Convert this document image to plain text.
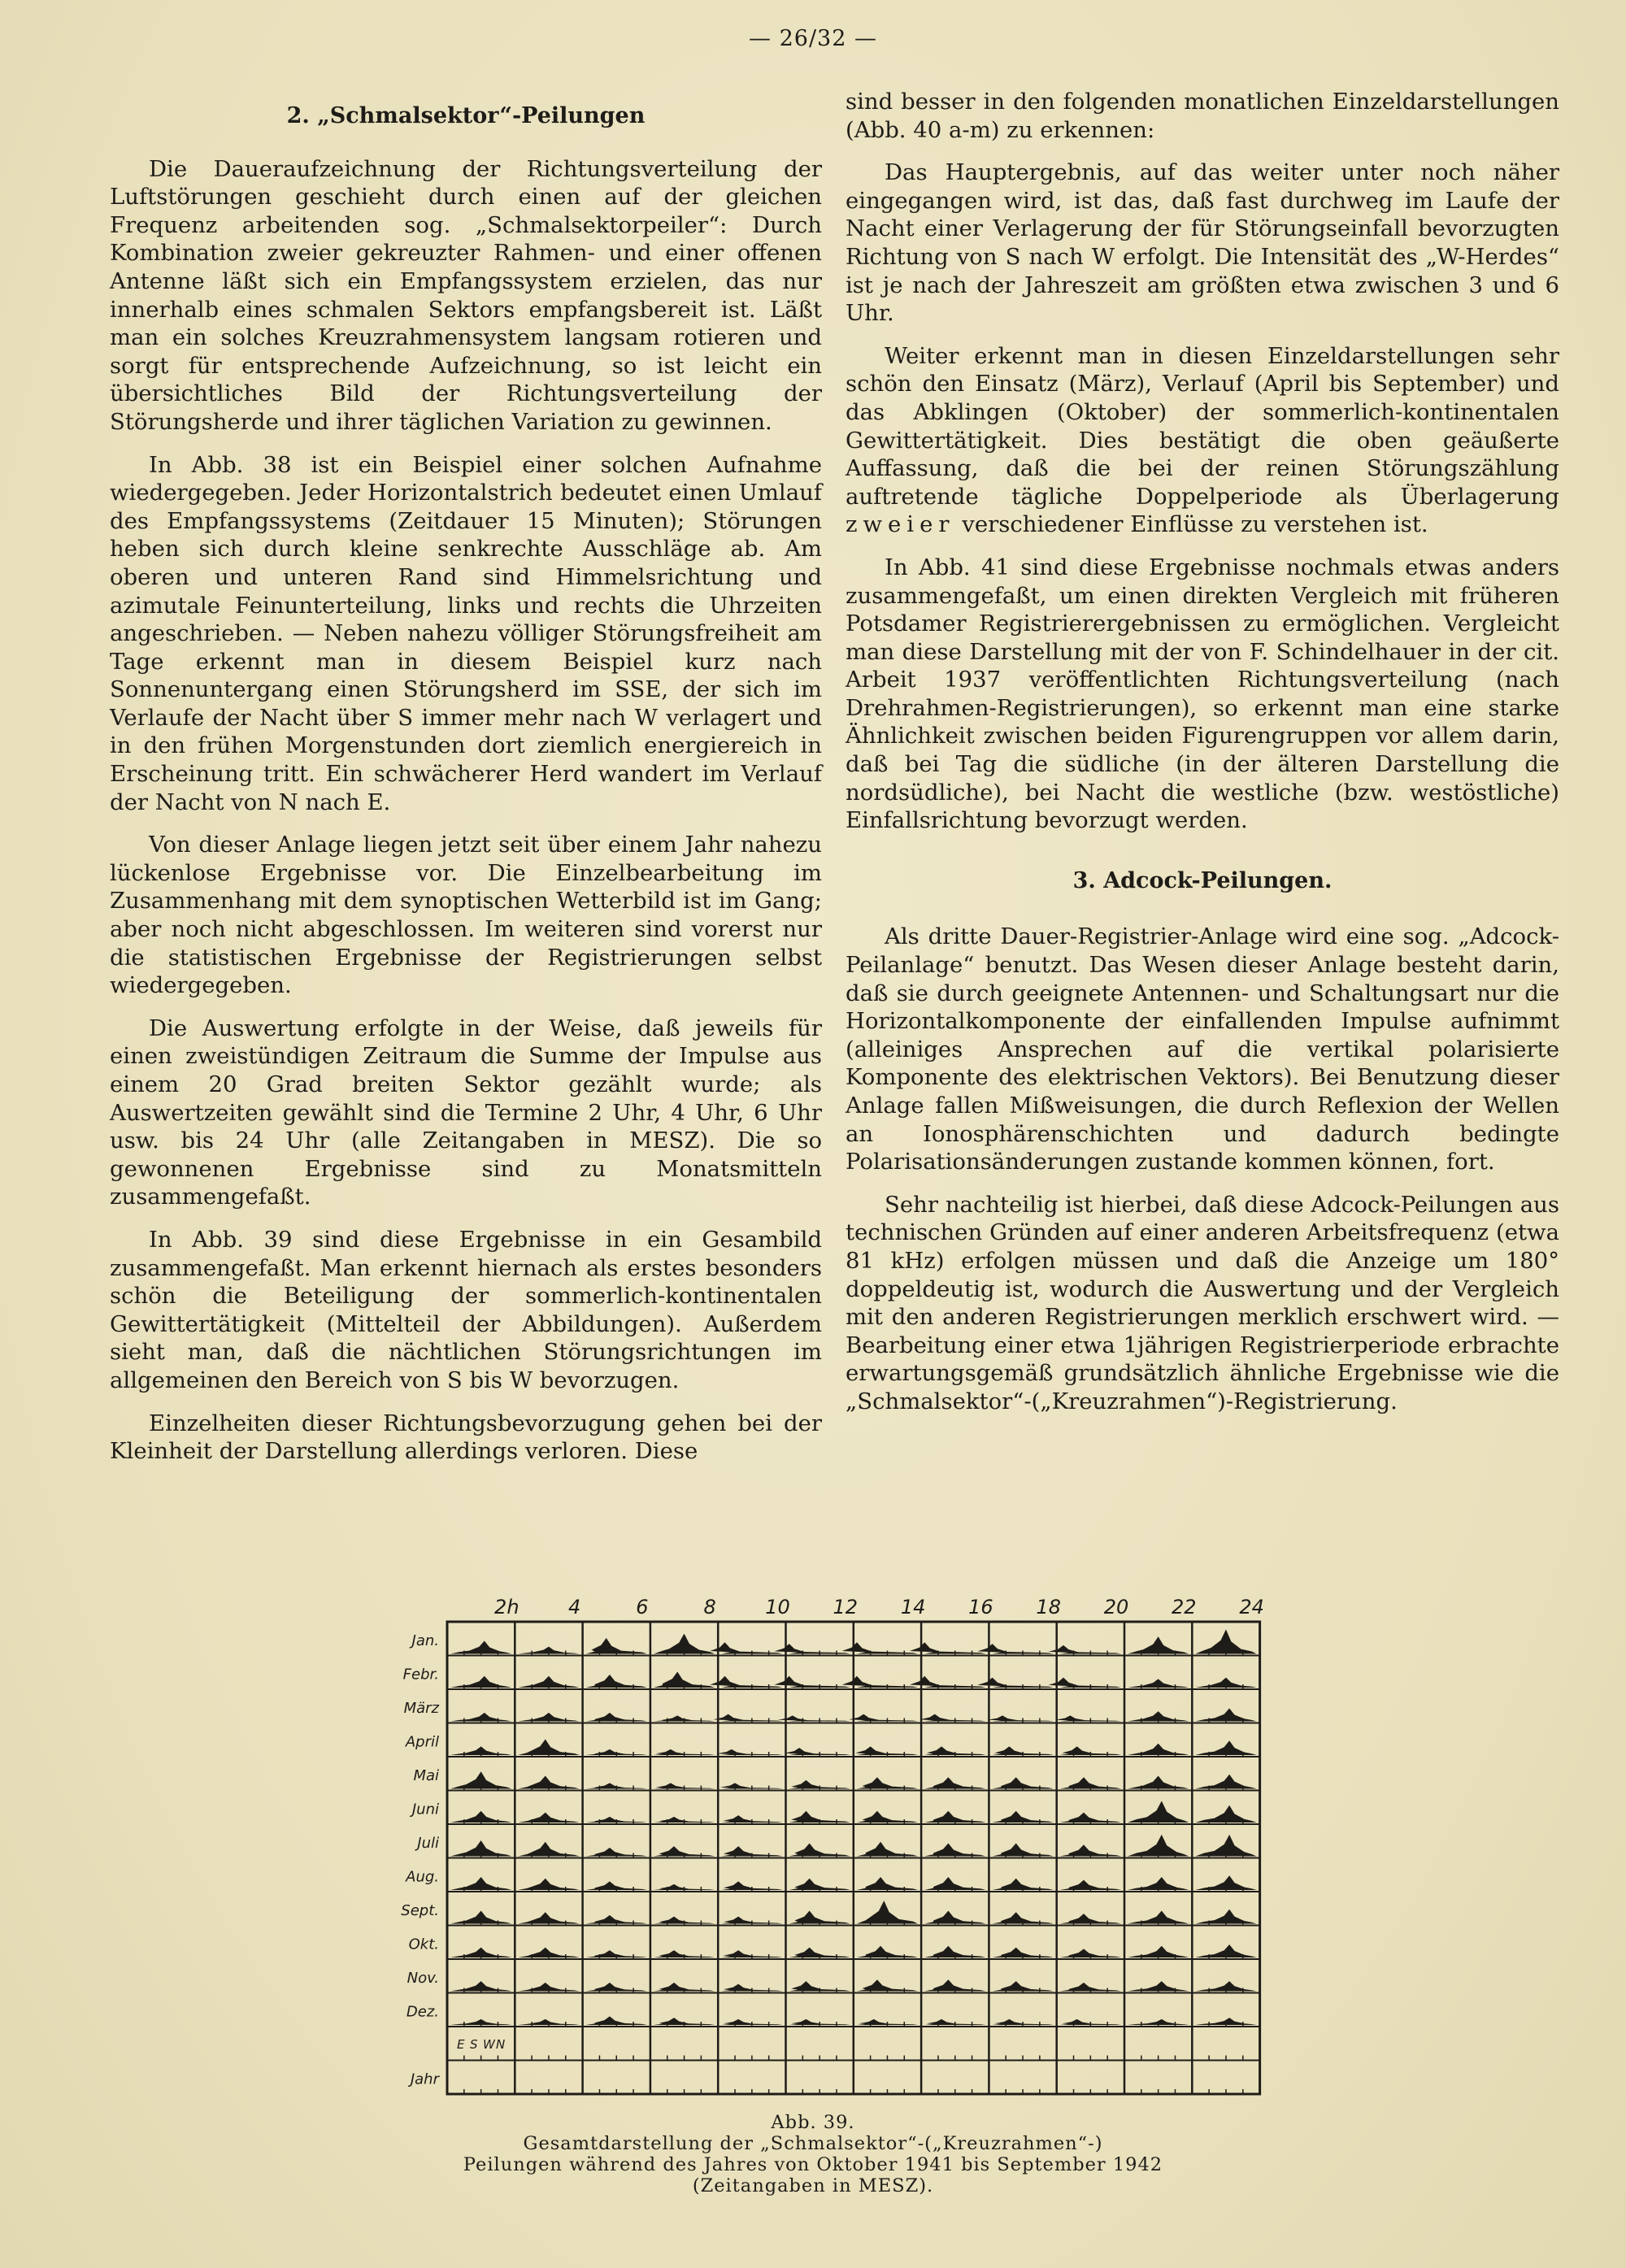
— 26/32 —
2. „Schmalsektor“-Peilungen

Die Daueraufzeichnung der Richtungsverteilung der Luftstörungen geschieht durch einen auf der gleichen Frequenz arbeitenden sog. „Schmalsektorpeiler“: Durch Kombination zweier gekreuzter Rahmen- und einer offenen Antenne läßt sich ein Empfangssystem erzielen, das nur innerhalb eines schmalen Sektors empfangsbereit ist. Läßt man ein solches Kreuzrahmensystem langsam rotieren und sorgt für entsprechende Aufzeichnung, so ist leicht ein übersichtliches Bild der Richtungsverteilung der Störungsherde und ihrer täglichen Variation zu gewinnen.

In Abb. 38 ist ein Beispiel einer solchen Aufnahme wiedergegeben. Jeder Horizontalstrich bedeutet einen Umlauf des Empfangssystems (Zeitdauer 15 Minuten); Störungen heben sich durch kleine senkrechte Ausschläge ab. Am oberen und unteren Rand sind Himmelsrichtung und azimutale Feinunterteilung, links und rechts die Uhrzeiten angeschrieben. — Neben nahezu völliger Störungsfreiheit am Tage erkennt man in diesem Beispiel kurz nach Sonnenuntergang einen Störungsherd im SSE, der sich im Verlaufe der Nacht über S immer mehr nach W verlagert und in den frühen Morgenstunden dort ziemlich energiereich in Erscheinung tritt. Ein schwächerer Herd wandert im Verlauf der Nacht von N nach E.

Von dieser Anlage liegen jetzt seit über einem Jahr nahezu lückenlose Ergebnisse vor. Die Einzelbearbeitung im Zusammenhang mit dem synoptischen Wetterbild ist im Gang; aber noch nicht abgeschlossen. Im weiteren sind vorerst nur die statistischen Ergebnisse der Registrierungen selbst wiedergegeben.

Die Auswertung erfolgte in der Weise, daß jeweils für einen zweistündigen Zeitraum die Summe der Impulse aus einem 20 Grad breiten Sektor gezählt wurde; als Auswertzeiten gewählt sind die Termine 2 Uhr, 4 Uhr, 6 Uhr usw. bis 24 Uhr (alle Zeitangaben in MESZ). Die so gewonnenen Ergebnisse sind zu Monatsmitteln zusammengefaßt.

In Abb. 39 sind diese Ergebnisse in ein Gesambild zusammengefaßt. Man erkennt hiernach als erstes besonders schön die Beteiligung der sommerlich-kontinentalen Gewittertätigkeit (Mittelteil der Abbildungen). Außerdem sieht man, daß die nächtlichen Störungsrichtungen im allgemeinen den Bereich von S bis W bevorzugen.

Einzelheiten dieser Richtungsbevorzugung gehen bei der Kleinheit der Darstellung allerdings verloren. Diese

sind besser in den folgenden monatlichen Einzeldarstellungen (Abb. 40 a-m) zu erkennen:

Das Hauptergebnis, auf das weiter unter noch näher eingegangen wird, ist das, daß fast durchweg im Laufe der Nacht einer Verlagerung der für Störungseinfall bevorzugten Richtung von S nach W erfolgt. Die Intensität des „W-Herdes“ ist je nach der Jahreszeit am größten etwa zwischen 3 und 6 Uhr.

Weiter erkennt man in diesen Einzeldarstellungen sehr schön den Einsatz (März), Verlauf (April bis September) und das Abklingen (Oktober) der sommerlich-kontinentalen Gewittertätigkeit. Dies bestätigt die oben geäußerte Auffassung, daß die bei der reinen Störungszählung auftretende tägliche Doppelperiode als Überlagerung zweier verschiedener Einflüsse zu verstehen ist.

In Abb. 41 sind diese Ergebnisse nochmals etwas anders zusammengefaßt, um einen direkten Vergleich mit früheren Potsdamer Registrierergebnissen zu ermöglichen. Vergleicht man diese Darstellung mit der von F. Schindelhauer in der cit. Arbeit 1937 veröffentlichten Richtungsverteilung (nach Drehrahmen-Registrierungen), so erkennt man eine starke Ähnlichkeit zwischen beiden Figurengruppen vor allem darin, daß bei Tag die südliche (in der älteren Darstellung die nordsüdliche), bei Nacht die westliche (bzw. westöstliche) Einfallsrichtung bevorzugt werden.

3. Adcock-Peilungen.

Als dritte Dauer-Registrier-Anlage wird eine sog. „Adcock-Peilanlage“ benutzt. Das Wesen dieser Anlage besteht darin, daß sie durch geeignete Antennen- und Schaltungsart nur die Horizontalkomponente der einfallenden Impulse aufnimmt (alleiniges Ansprechen auf die vertikal polarisierte Komponente des elektrischen Vektors). Bei Benutzung dieser Anlage fallen Mißweisungen, die durch Reflexion der Wellen an Ionosphärenschichten und dadurch bedingte Polarisationsänderungen zustande kommen können, fort.

Sehr nachteilig ist hierbei, daß diese Adcock-Peilungen aus technischen Gründen auf einer anderen Arbeitsfrequenz (etwa 81 kHz) erfolgen müssen und daß die Anzeige um 180° doppeldeutig ist, wodurch die Auswertung und der Vergleich mit den anderen Registrierungen merklich erschwert wird. — Bearbeitung einer etwa 1jährigen Registrierperiode erbrachte erwartungsgemäß grundsätzlich ähnliche Ergebnisse wie die „Schmalsektor“-(„Kreuzrahmen“)-Registrierung.

2h	4	6	8	10 12 14 16 18 20 22 24
Jan.
Febr.
März
April
Mai
Juni
Juli
Aug.
Sept.
Okt.
Nov.
Dez.
Jahr
E S W N
Abb. 39.
Gesamtdarstellung der „Schmalsektor“-(„Kreuzrahmen“-)
Peilungen während des Jahres von Oktober 1941 bis September 1942
(Zeitangaben in MESZ).
